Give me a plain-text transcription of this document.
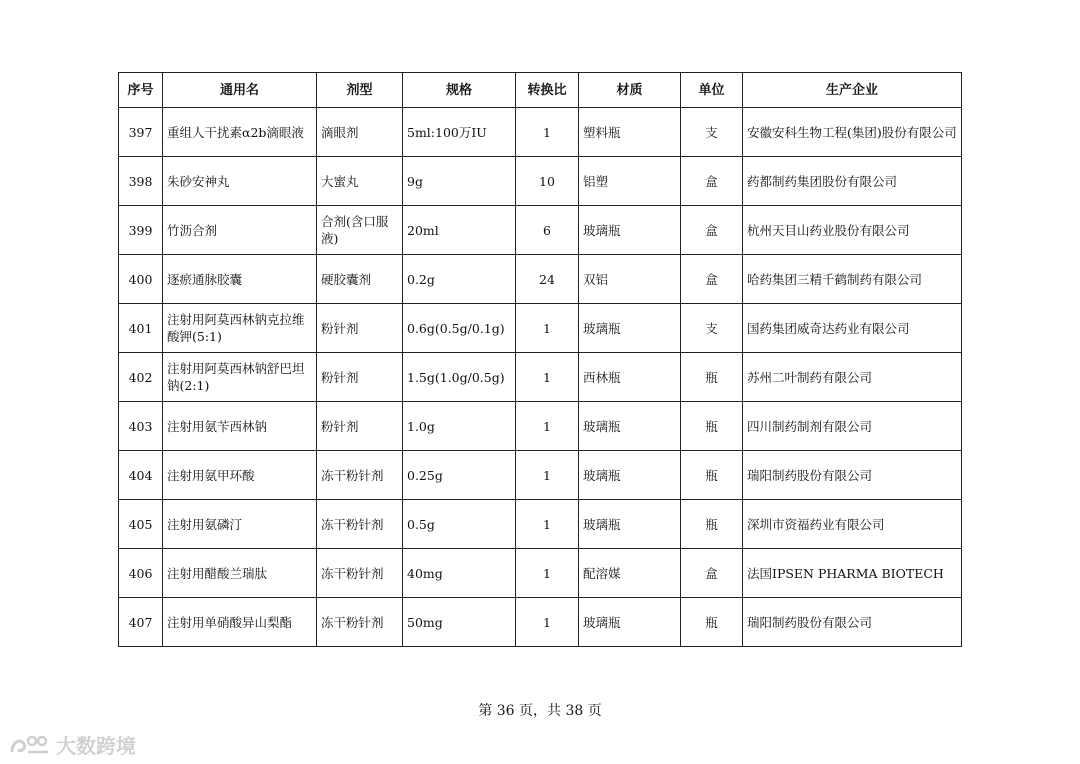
序号	通用名	剂型	规格	转换比	材质	单位	生产企业
397	重组人干扰素α2b滴眼液	滴眼剂	5ml:100万IU	1	塑料瓶	支	安徽安科生物工程(集团)股份有限公司
398	朱砂安神丸	大蜜丸	9g	10	铝塑	盒	药都制药集团股份有限公司
399	竹沥合剂	合剂(含口服液)	20ml	6	玻璃瓶	盒	杭州天目山药业股份有限公司
400	逐瘀通脉胶囊	硬胶囊剂	0.2g	24	双铝	盒	哈药集团三精千鹤制药有限公司
401	注射用阿莫西林钠克拉维酸钾(5:1)	粉针剂	0.6g(0.5g/0.1g)	1	玻璃瓶	支	国药集团威奇达药业有限公司
402	注射用阿莫西林钠舒巴坦钠(2:1)	粉针剂	1.5g(1.0g/0.5g)	1	西林瓶	瓶	苏州二叶制药有限公司
403	注射用氨苄西林钠	粉针剂	1.0g	1	玻璃瓶	瓶	四川制药制剂有限公司
404	注射用氨甲环酸	冻干粉针剂	0.25g	1	玻璃瓶	瓶	瑞阳制药股份有限公司
405	注射用氨磷汀	冻干粉针剂	0.5g	1	玻璃瓶	瓶	深圳市资福药业有限公司
406	注射用醋酸兰瑞肽	冻干粉针剂	40mg	1	配溶媒	盒	法国IPSEN PHARMA BIOTECH
407	注射用单硝酸异山梨酯	冻干粉针剂	50mg	1	玻璃瓶	瓶	瑞阳制药股份有限公司
第 36 页，共 38 页
大数跨境
